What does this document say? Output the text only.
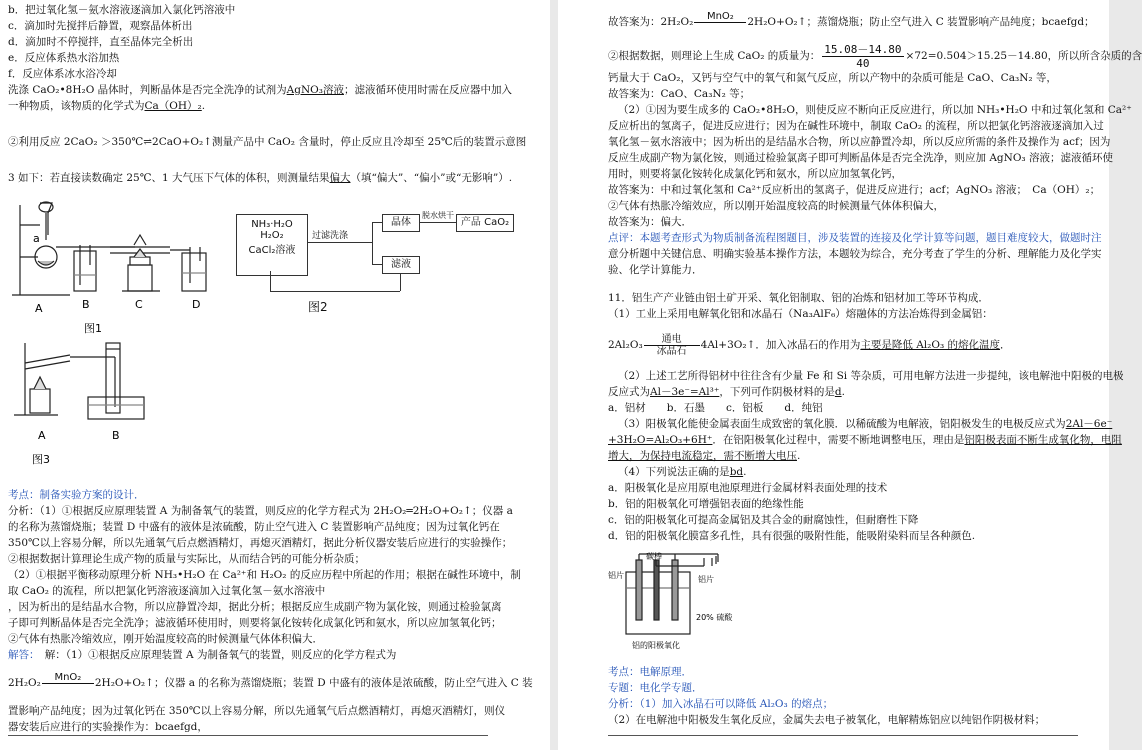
b．把过氧化氢－氨水溶液逐滴加入氯化钙溶液中
c．滴加时先搅拌后静置，观察晶体析出
d．滴加时不停搅拌，直至晶体完全析出
e．反应体系热水浴加热
f．反应体系冰水浴冷却
洗涤 CaO₂•8H₂O 晶体时，判断晶体是否完全洗净的试剂为AgNO₃溶液；滤液循环使用时需在反应器中加入
一种物质，该物质的化学式为Ca（OH）₂.
②利用反应 2CaO₂ ＞350℃⇌2CaO+O₂↑测量产品中 CaO₂ 含量时，停止反应且冷却至 25℃后的装置示意图
3 如下：若直接读数确定 25℃、1 大气压下气体的体积，则测量结果偏大（填“偏大”、“偏小”或“无影响”）.
a
A	B	C	D
图1
NH₃·H₂O
H₂O₂
CaCl₂溶液
过滤洗涤
晶体
滤液
脱水烘干
产品 CaO₂
图2
A	B
图3
考点：制备实验方案的设计．
分析：（1）①根据反应原理装置 A 为制备氧气的装置，则反应的化学方程式为 2H₂O₂═2H₂O+O₂↑；仪器 a
的名称为蒸馏烧瓶；装置 D 中盛有的液体是浓硫酸，防止空气进入 C 装置影响产品纯度；因为过氧化钙在
350℃以上容易分解，所以先通氧气后点燃酒精灯，再熄灭酒精灯，据此分析仪器安装后应进行的实验操作；
②根据数据计算理论生成产物的质量与实际比，从而结合钙的可能分析杂质；
（2）①根据平衡移动原理分析 NH₃•H₂O 在 Ca²⁺和 H₂O₂ 的反应历程中所起的作用；根据在碱性环境中，制
取 CaO₂ 的流程，所以把氯化钙溶液逐滴加入过氧化氢－氨水溶液中
，因为析出的是结晶水合物，所以应静置冷却，据此分析；根据反应生成副产物为氯化铵，则通过检验氯离
子即可判断晶体是否完全洗净；滤液循环使用时，则要将氯化铵转化成氯化钙和氨水，所以应加氢氧化钙；
②气体有热胀冷缩效应，刚开始温度较高的时候测量气体体积偏大．
解答：　 解：（1）①根据反应原理装置 A 为制备氧气的装置，则反应的化学方程式为
2H₂O₂	MnO₂	2H₂O+O₂↑；仪器 a 的名称为蒸馏烧瓶；装置 D 中盛有的液体是浓硫酸，防止空气进入 C 装
置影响产品纯度；因为过氧化钙在 350℃以上容易分解，所以先通氧气后点燃酒精灯，再熄灭酒精灯，则仪
器安装后应进行的实验操作为：bcaefgd，
故答案为：2H₂O₂	MnO₂	2H₂O+O₂↑；蒸馏烧瓶；防止空气进入 C 装置影响产品纯度；bcaefgd；
②根据数据，则理论上生成 CaO₂ 的质量为： $\frac{15.08-14.80}{40} \times 72=0.504>15.25-14.80$，所以所含杂质的含
钙量大于 CaO₂，又钙与空气中的氧气和氮气反应，所以产物中的杂质可能是 CaO、Ca₃N₂ 等，
故答案为：CaO、Ca₃N₂ 等；
（2）①因为要生成多的 CaO₂•8H₂O，则使反应不断向正反应进行，所以加 NH₃•H₂O 中和过氧化氢和 Ca²⁺
反应析出的氢离子，促进反应进行；因为在碱性环境中，制取 CaO₂ 的流程，所以把氯化钙溶液逐滴加入过
氧化氢－氨水溶液中；因为析出的是结晶水合物，所以应静置冷却，所以反应所需的条件及操作为 acf；因为
反应生成副产物为氯化铵，则通过检验氯离子即可判断晶体是否完全洗净，则应加 AgNO₃ 溶液；滤液循环使
用时，则要将氯化铵转化成氯化钙和氨水，所以应加氢氧化钙，
故答案为：中和过氧化氢和 Ca²⁺反应析出的氢离子，促进反应进行；acf；AgNO₃ 溶液；　Ca（OH）₂；
②气体有热胀冷缩效应，所以刚开始温度较高的时候测量气体体积偏大，
故答案为：偏大．
点评：本题考查形式为物质制备流程图题目，涉及装置的连接及化学计算等问题，题目难度较大，做题时注
意分析题中关键信息、明确实验基本操作方法，本题较为综合，充分考查了学生的分析、理解能力及化学实
验、化学计算能力．
11．铝生产产业链由铝土矿开采、氧化铝制取、铝的冶炼和铝材加工等环节构成．
（1）工业上采用电解氧化铝和冰晶石（Na₃AlF₆）熔融体的方法冶炼得到金属铝：
2Al₂O₃	通电
冰晶石	4Al+3O₂↑．加入冰晶石的作用为主要是降低 Al₂O₃ 的熔化温度．
（2）上述工艺所得铝材中往往含有少量 Fe 和 Si 等杂质，可用电解方法进一步提纯，该电解池中阳极的电极
反应式为Al－3e⁻=Al³⁺，下列可作阴极材料的是d.
a．铝材　　b．石墨　　c．铝板　　d．纯铝
（3）阳极氧化能使金属表面生成致密的氧化膜．以稀硫酸为电解液，铝阳极发生的电极反应式为2Al－6e⁻
+3H₂O=Al₂O₃+6H⁺．在铝阳极氧化过程中，需要不断地调整电压，理由是铝阳极表面不断生成氧化物，电阻
增大，为保持电流稳定，需不断增大电压.
（4）下列说法正确的是bd.
a．阳极氧化是应用原电池原理进行金属材料表面处理的技术
b．铝的阳极氧化可增强铝表面的绝缘性能
c．铝的阳极氧化可提高金属铝及其合金的耐腐蚀性，但耐磨性下降
d．铝的阳极氧化膜富多孔性，具有很强的吸附性能，能吸附染料而呈各种颜色.
碳棒
铝片	铝片
20% 硫酸
铝的阳极氧化
考点：电解原理．
专题：电化学专题．
分析：（1）加入冰晶石可以降低 Al₂O₃ 的熔点；
（2）在电解池中阳极发生氧化反应，金属失去电子被氧化，电解精炼铝应以纯铝作阴极材料；
